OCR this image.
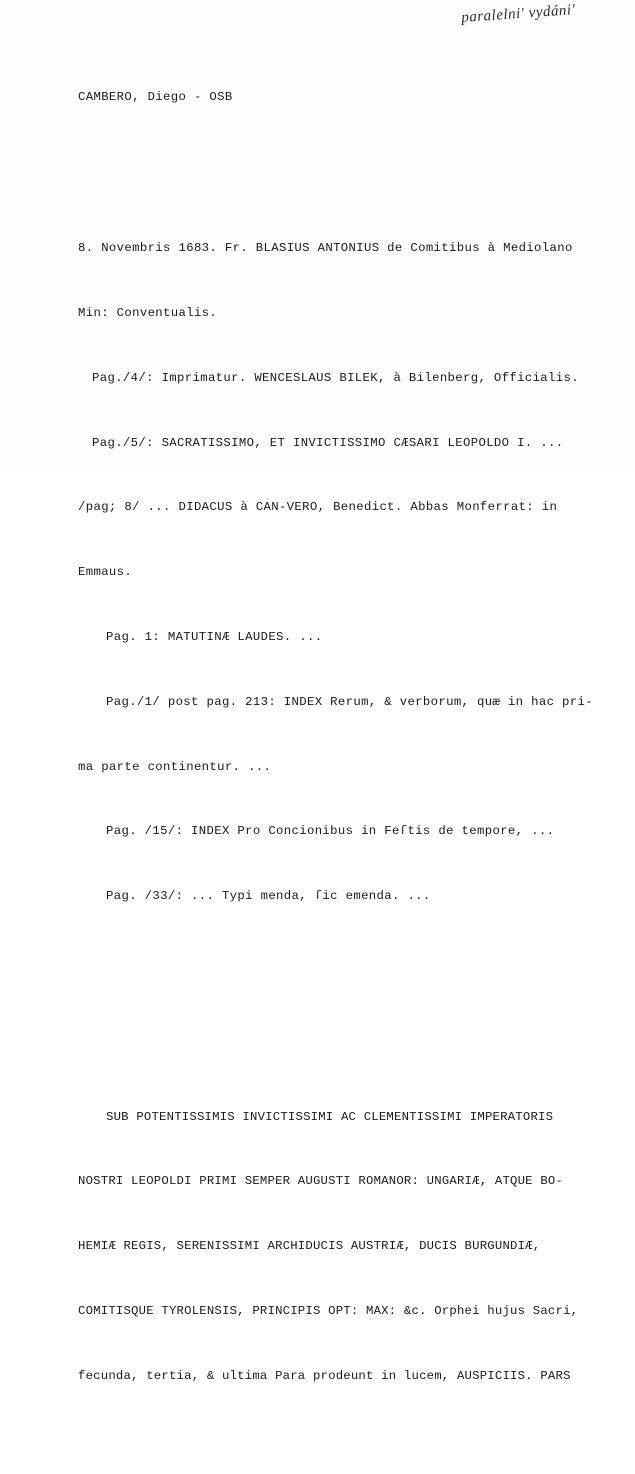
paralelni' vydáni'

CAMBERO, Diego - OSB

8. Novembris 1683. Fr. BLASIUS ANTONIUS de Comitibus à Mediolano

Min: Conventualis.

Pag./4/: Imprimatur. WENCESLAUS BILEK, à Bilenberg, Officialis.

Pag./5/: SACRATISSIMO, ET INVICTISSIMO CÆSARI LEOPOLDO I. ...

/pag; 8/ ... DIDACUS à CAN-VERO, Benedict. Abbas Monferrat: in

Emmaus.

Pag. 1: MATUTINÆ LAUDES. ...

Pag./1/ post pag. 213: INDEX Rerum, & verborum, quæ in hac pri-

ma parte continentur. ...

Pag. /15/: INDEX Pro Concionibus in Feſtis de tempore, ...

Pag. /33/: ... Typi menda, ſic emenda. ...

SUB POTENTISSIMIS INVICTISSIMI AC CLEMENTISSIMI IMPERATORIS

NOSTRI LEOPOLDI PRIMI SEMPER AUGUSTI ROMANOR: UNGARIÆ, ATQUE BO-

HEMIÆ REGIS, SERENISSIMI ARCHIDUCIS AUSTRIÆ, DUCIS BURGUNDIÆ,

COMITISQUE TYROLENSIS, PRINCIPIS OPT: MAX: &c. Orphei hujus Sacri,

fecunda, tertia, & ultima Para prodeunt in lucem, AUSPICIIS. PARS
